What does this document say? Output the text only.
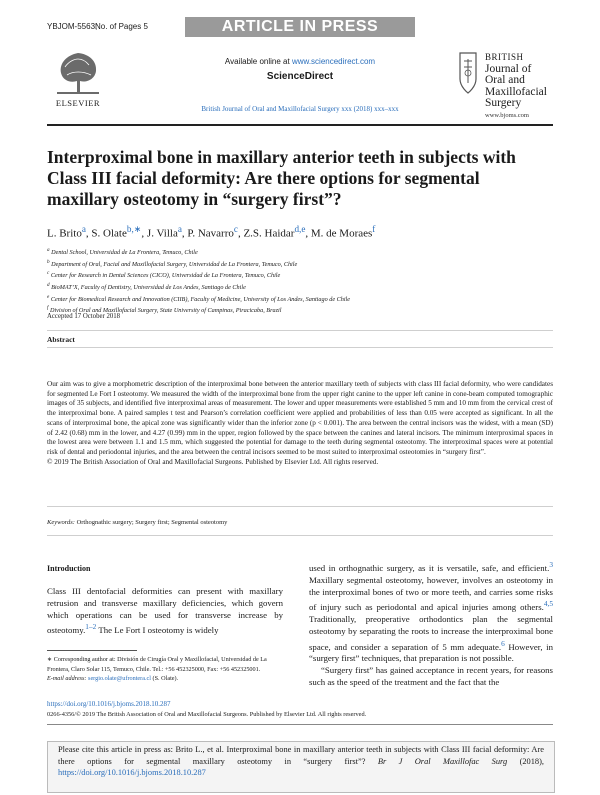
YBJOM-5563;
No. of Pages 5	ARTICLE IN PRESS
ELSEVIER
Available online at www.sciencedirect.com
ScienceDirect
British Journal of Oral and Maxillofacial Surgery xxx (2018) xxx–xxx
BRITISH
Journal of
Oral and
Maxillofacial
Surgery
www.bjoms.com
Interproximal bone in maxillary anterior teeth in subjects with Class III facial deformity: Are there options for segmental maxillary osteotomy in “surgery first”?
L. Brito$^a$, S. Olate$^{b,∗}$, J. Villa$^a$, P. Navarro$^c$, Z.S. Haidar$^{d,e}$, M. de Moraes$^f$
$^a$ Dental School, Universidad de La Frontera, Temuco, Chile
$^b$ Department of Oral, Facial and Maxillofacial Surgery, Universidad de La Frontera, Temuco, Chile
$^c$ Center for Research in Dental Sciences (CICO), Universidad de La Frontera, Temuco, Chile
$^d$ BioMAT’X, Faculty of Dentistry, Universidad de Los Andes, Santiago de Chile
$^e$ Center for Biomedical Research and Innovation (CIIB), Faculty of Medicine, University of Los Andes, Santiago de Chile
$^f$ Division of Oral and Maxillofacial Surgery, State University of Campinas, Piracicaba, Brazil
Accepted 17 October 2018
Abstract
Our aim was to give a morphometric description of the interproximal bone between the anterior maxillary teeth of subjects with class III facial deformity, who were candidates for segmented Le Fort I osteotomy. We measured the width of the interproximal bone from the upper right canine to the upper left canine in cone-beam computed tomographic images of 35 subjects, and identified five interproximal areas of measurement. The lower and upper measurements were established 5 mm and 10 mm from the cervical crest of the interproximal bone. A paired samples t test and Pearson’s correlation coefficient were applied and probabilities of less than 0.05 were accepted as significant. In all the scans of interproximal bone, the apical zone was significantly wider than the inferior zone (p < 0.001). The area between the central incisors was the widest, with a mean (SD) of 2.42 (0.68) mm in the lower, and 4.27 (0.99) mm in the upper, region followed by the space between the canines and lateral incisors. The minimum interproximal spaces in the lowest area were between 1.1 and 1.5 mm, which suggested the potential for damage to the teeth during segmental osteotomy. The interproximal spaces were at potential risk of dental and periodontal injuries, and the area between the central incisors seemed to be most suited to interproximal osteotomies in “surgery first”.
© 2019 The British Association of Oral and Maxillofacial Surgeons. Published by Elsevier Ltd. All rights reserved.
Keywords: Orthognathic surgery; Surgery first; Segmental osteotomy
Introduction
Class III dentofacial deformities can present with maxillary retrusion and transverse maxillary deficiencies, which govern which operations can be used for transverse increase by osteotomy.$^{1-2}$ The Le Fort I osteotomy is widely
used in orthognathic surgery, as it is versatile, safe, and efficient.$^3$ Maxillary segmental osteotomy, however, involves an osteotomy in the interproximal bones of two or more teeth, and carries some risks of injury such as periodontal and apical injuries among others.$^{4,5}$ Traditionally, preoperative orthodontics plan the segmental osteotomy by separating the roots to increase the interproximal bone space, and consider a separation of 5 mm adequate.$^6$ However, in “surgery first” techniques, that preparation is not possible.
“Surgery first” has gained acceptance in recent years, for reasons such as the speed of the treatment and the fact that the
∗ Corresponding author at: División de Cirugía Oral y Maxillofacial, Universidad de La Frontera, Claro Solar 115, Temuco, Chile. Tel.: +56 452325000, Fax: +56 452325001.
E-mail address: sergio.olate@ufrontera.cl (S. Olate).
https://doi.org/10.1016/j.bjoms.2018.10.287
0266-4356/© 2019 The British Association of Oral and Maxillofacial Surgeons. Published by Elsevier Ltd. All rights reserved.
Please cite this article in press as: Brito L., et al. Interproximal bone in maxillary anterior teeth in subjects with Class III facial deformity: Are there options for segmental maxillary osteotomy in “surgery first”? Br J Oral Maxillofac Surg (2018), https://doi.org/10.1016/j.bjoms.2018.10.287
